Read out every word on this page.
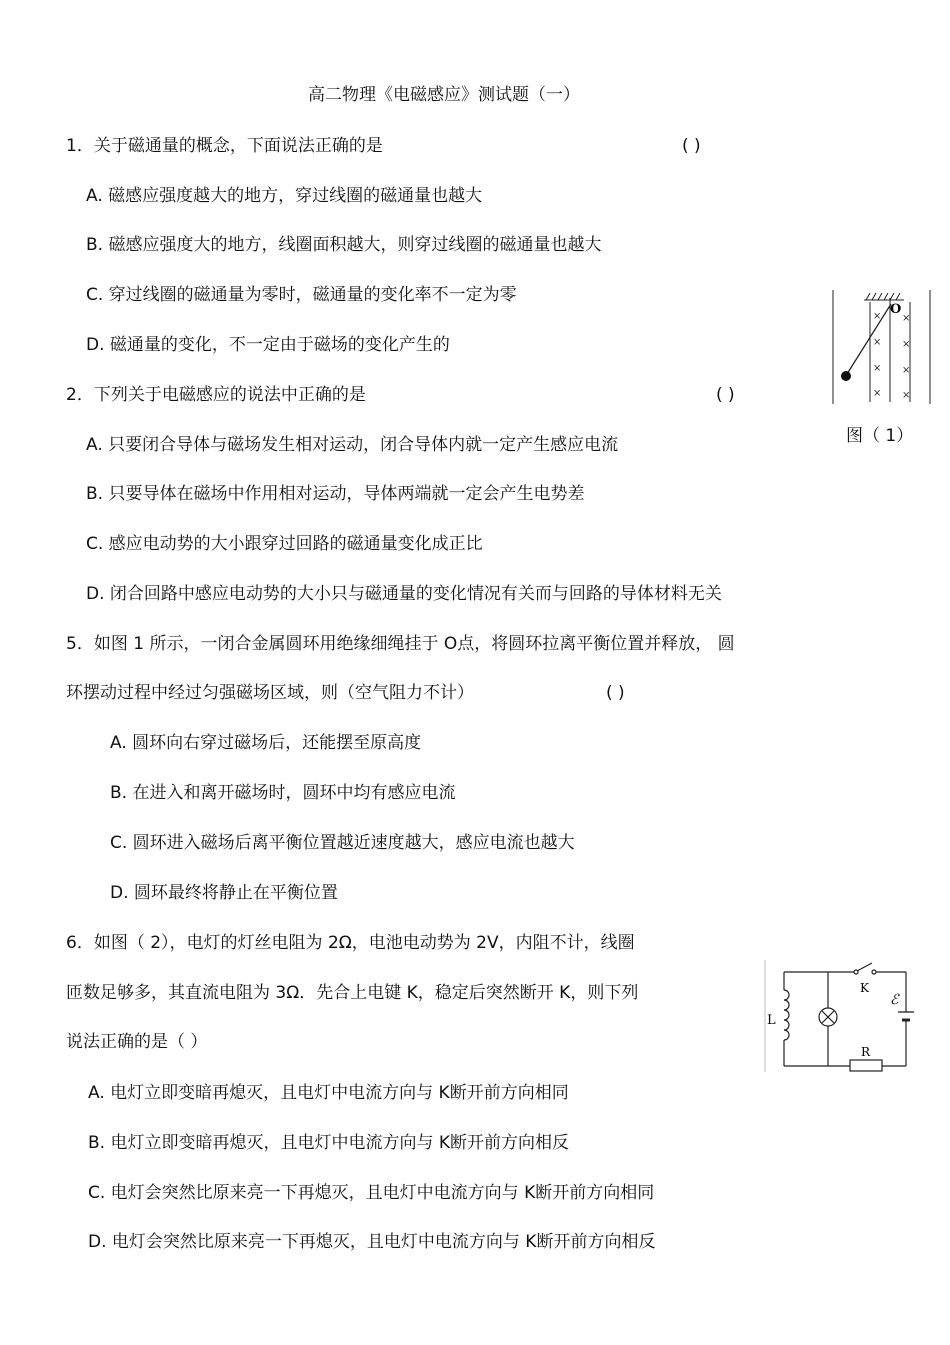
高二物理《电磁感应》测试题（一）

1．关于磁通量的概念，下面说法正确的是	( )

A. 磁感应强度越大的地方，穿过线圈的磁通量也越大

B. 磁感应强度大的地方，线圈面积越大，则穿过线圈的磁通量也越大

C. 穿过线圈的磁通量为零时，磁通量的变化率不一定为零

D. 磁通量的变化，不一定由于磁场的变化产生的

2．下列关于电磁感应的说法中正确的是	( )

A. 只要闭合导体与磁场发生相对运动，闭合导体内就一定产生感应电流

B. 只要导体在磁场中作用相对运动，导体两端就一定会产生电势差

C. 感应电动势的大小跟穿过回路的磁通量变化成正比

D. 闭合回路中感应电动势的大小只与磁通量的变化情况有关而与回路的导体材料无关

O
× ×
× ×
× ×
× ×

图（ 1）

5．如图 1 所示，一闭合金属圆环用绝缘细绳挂于 O点，将圆环拉离平衡位置并释放， 圆

环摆动过程中经过匀强磁场区域，则（空气阻力不计）	( )

A. 圆环向右穿过磁场后，还能摆至原高度

B. 在进入和离开磁场时，圆环中均有感应电流

C. 圆环进入磁场后离平衡位置越近速度越大，感应电流也越大

D. 圆环最终将静止在平衡位置

6．如图（ 2），电灯的灯丝电阻为 2Ω，电池电动势为 2V，内阻不计，线圈

匝数足够多，其直流电阻为 3Ω．先合上电键 K，稳定后突然断开 K，则下列

说法正确的是（ ）

L
K
R
ℰ

A. 电灯立即变暗再熄灭，且电灯中电流方向与 K断开前方向相同

B. 电灯立即变暗再熄灭，且电灯中电流方向与 K断开前方向相反

C. 电灯会突然比原来亮一下再熄灭，且电灯中电流方向与 K断开前方向相同

D. 电灯会突然比原来亮一下再熄灭，且电灯中电流方向与 K断开前方向相反
